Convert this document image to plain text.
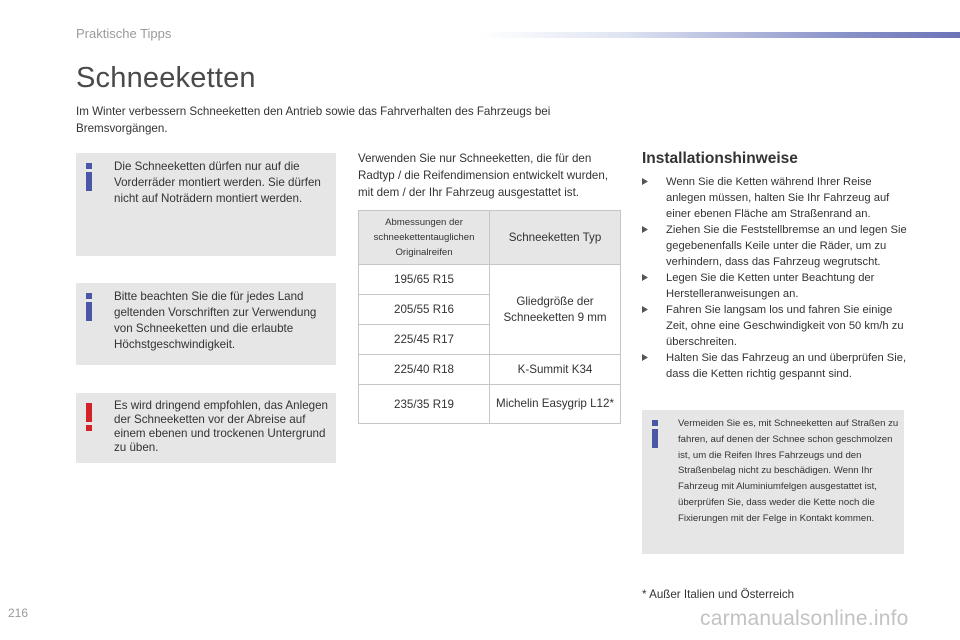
Praktische Tipps
Schneeketten
Im Winter verbessern Schneeketten den Antrieb sowie das Fahrverhalten des Fahrzeugs bei Bremsvorgängen.
Die Schneeketten dürfen nur auf die Vorderräder montiert werden. Sie dürfen nicht auf Noträdern montiert werden.
Bitte beachten Sie die für jedes Land geltenden Vorschriften zur Verwendung von Schneeketten und die erlaubte Höchstgeschwindigkeit.
Es wird dringend empfohlen, das Anlegen der Schneeketten vor der Abreise auf einem ebenen und trockenen Untergrund zu üben.
Verwenden Sie nur Schneeketten, die für den Radtyp / die Reifendimension entwickelt wurden, mit dem / der Ihr Fahrzeug ausgestattet ist.
Abmessungen der schneekettentauglichen Originalreifen	Schneeketten Typ
195/65 R15	Gliedgröße der Schneeketten 9 mm
205/55 R16	
225/45 R17	
225/40 R18	K-Summit K34
235/35 R19	Michelin Easygrip L12*
Installationshinweise
Wenn Sie die Ketten während Ihrer Reise anlegen müssen, halten Sie Ihr Fahrzeug auf einer ebenen Fläche am Straßenrand an.
Ziehen Sie die Feststellbremse an und legen Sie gegebenenfalls Keile unter die Räder, um zu verhindern, dass das Fahrzeug wegrutscht.
Legen Sie die Ketten unter Beachtung der Herstelleranweisungen an.
Fahren Sie langsam los und fahren Sie einige Zeit, ohne eine Geschwindigkeit von 50 km/h zu überschreiten.
Halten Sie das Fahrzeug an und überprüfen Sie, dass die Ketten richtig gespannt sind.
Vermeiden Sie es, mit Schneeketten auf Straßen zu fahren, auf denen der Schnee schon geschmolzen ist, um die Reifen Ihres Fahrzeugs und den Straßenbelag nicht zu beschädigen. Wenn Ihr Fahrzeug mit Aluminiumfelgen ausgestattet ist, überprüfen Sie, dass weder die Kette noch die Fixierungen mit der Felge in Kontakt kommen.
* Außer Italien und Österreich
216	carmanualsonline.info
